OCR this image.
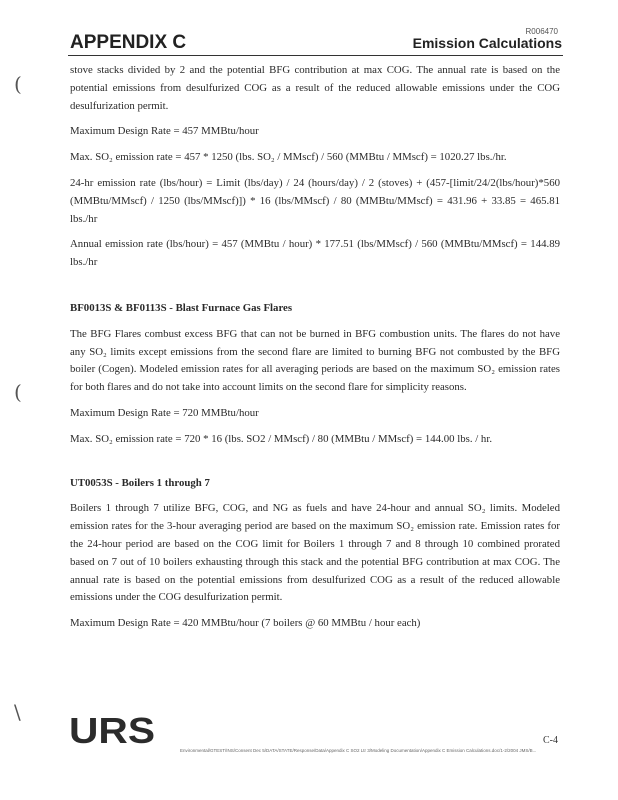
APPENDIX C
R006470
Emission Calculations
(
(
\

stove stacks divided by 2 and the potential BFG contribution at max COG. The annual rate is based on the potential emissions from desulfurized COG as a result of the reduced allowable emissions under the COG desulfurization permit.

Maximum Design Rate = 457 MMBtu/hour

Max. SO₂ emission rate = 457 * 1250 (lbs. SO₂ / MMscf) / 560 (MMBtu / MMscf) = 1020.27 lbs./hr.

24-hr emission rate (lbs/hour) = Limit (lbs/day) / 24 (hours/day) / 2 (stoves) + (457-[limit/24/2(lbs/hour)*560 (MMBtu/MMscf) / 1250 (lbs/MMscf)]) * 16 (lbs/MMscf) / 80 (MMBtu/MMscf) = 431.96 + 33.85 = 465.81 lbs./hr

Annual emission rate (lbs/hour) = 457 (MMBtu / hour) * 177.51 (lbs/MMscf) / 560 (MMBtu/MMscf) = 144.89 lbs./hr

BF0013S & BF0113S - Blast Furnace Gas Flares

The BFG Flares combust excess BFG that can not be burned in BFG combustion units. The flares do not have any SO₂ limits except emissions from the second flare are limited to burning BFG not combusted by the BFG boiler (Cogen). Modeled emission rates for all averaging periods are based on the maximum SO₂ emission rates for both flares and do not take into account limits on the second flare for simplicity reasons.

Maximum Design Rate = 720 MMBtu/hour

Max. SO₂ emission rate = 720 * 16 (lbs. SO2 / MMscf) / 80 (MMBtu / MMscf) = 144.00 lbs. / hr.

UT0053S - Boilers 1 through 7

Boilers 1 through 7 utilize BFG, COG, and NG as fuels and have 24-hour and annual SO₂ limits. Modeled emission rates for the 3-hour averaging period are based on the maximum SO₂ emission rate. Emission rates for the 24-hour period are based on the COG limit for Boilers 1 through 7 and 8 through 10 combined prorated based on 7 out of 10 boilers exhausting through this stack and the potential BFG contribution at max COG. The annual rate is based on the potential emissions from desulfurized COG as a result of the reduced allowable emissions under the COG desulfurization permit.

Maximum Design Rate = 420 MMBtu/hour (7 boilers @ 60 MMBtu / hour each)

URS	C-4
Environmental/GTEST/INS/Consent Dec 5/DATA/STATE/Response/Data/Appendix C SO2 Ltr 3/Modeling Documentation/Appendix C Emission Calculations.doc/1-2/2004 JMS/B...
